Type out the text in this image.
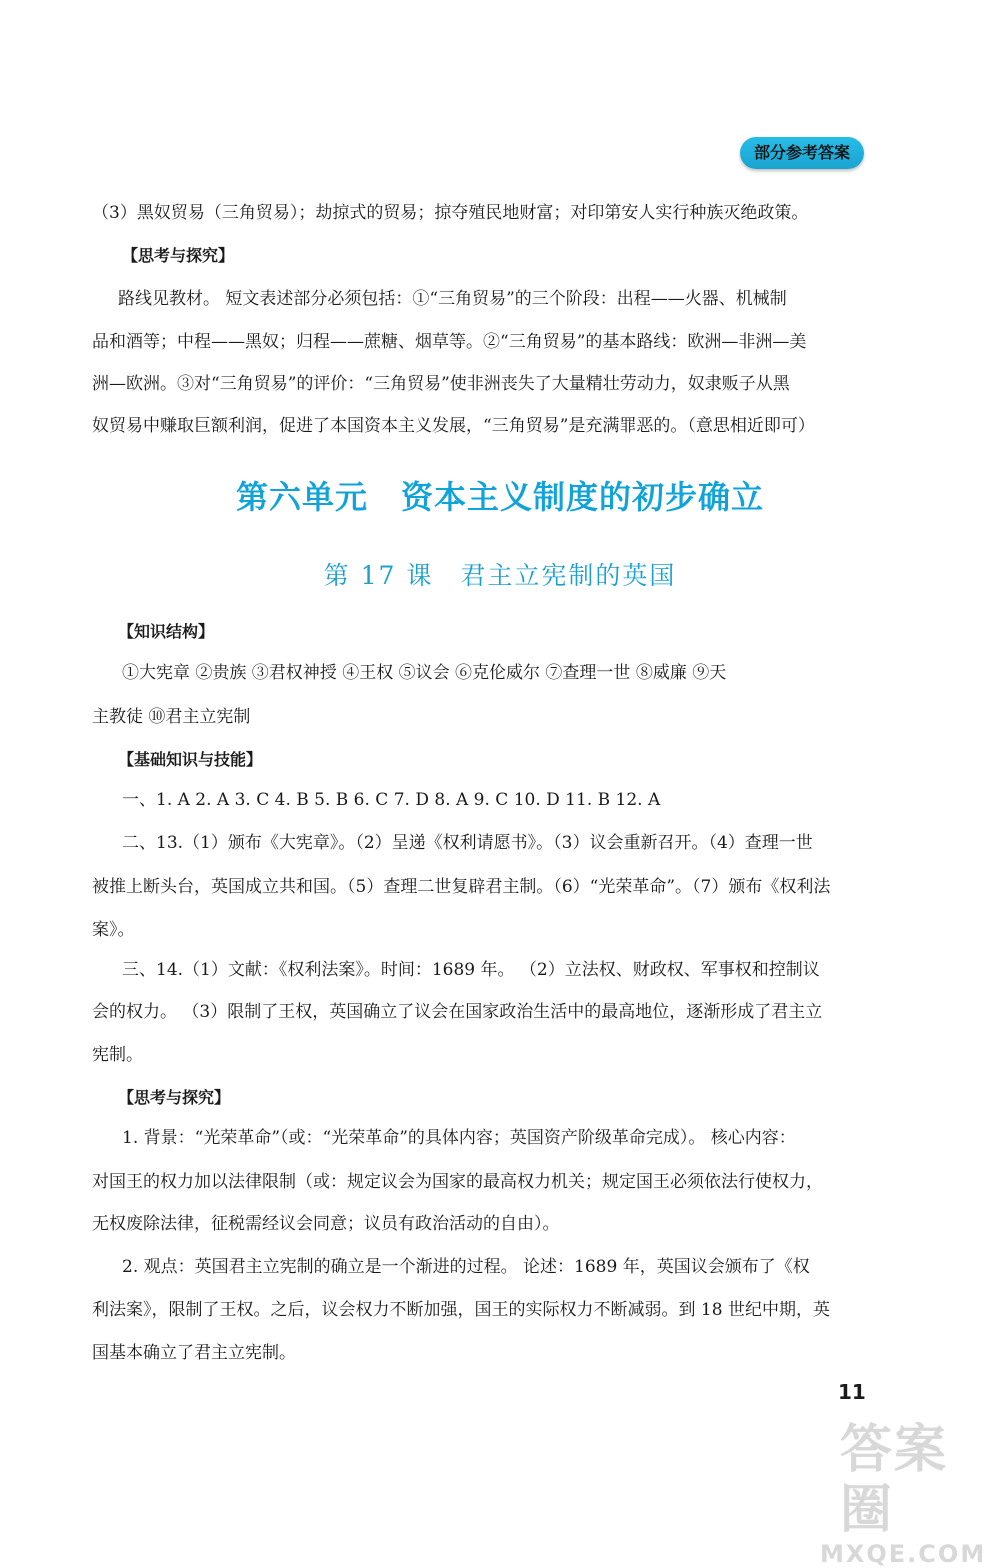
部分参考答案
（3）黑奴贸易（三角贸易）；劫掠式的贸易；掠夺殖民地财富；对印第安人实行种族灭绝政策。
【思考与探究】
路线见教材。 短文表述部分必须包括：①“三角贸易”的三个阶段：出程——火器、机械制
品和酒等；中程——黑奴；归程——蔗糖、烟草等。②“三角贸易”的基本路线：欧洲—非洲—美
洲—欧洲。③对“三角贸易”的评价：“三角贸易”使非洲丧失了大量精壮劳动力，奴隶贩子从黑
奴贸易中赚取巨额利润，促进了本国资本主义发展，“三角贸易”是充满罪恶的。（意思相近即可）
第六单元　资本主义制度的初步确立
第 17 课　君主立宪制的英国
【知识结构】
①大宪章 ②贵族 ③君权神授 ④王权 ⑤议会 ⑥克伦威尔 ⑦查理一世 ⑧威廉 ⑨天
主教徒 ⑩君主立宪制
【基础知识与技能】
一、1. A 2. A 3. C 4. B 5. B 6. C 7. D 8. A 9. C 10. D 11. B 12. A
二、13.（1）颁布《大宪章》。（2）呈递《权利请愿书》。（3）议会重新召开。（4）查理一世
被推上断头台，英国成立共和国。（5）查理二世复辟君主制。（6）“光荣革命”。（7）颁布《权利法
案》。
三、14.（1）文献：《权利法案》。时间：1689 年。 （2）立法权、财政权、军事权和控制议
会的权力。 （3）限制了王权，英国确立了议会在国家政治生活中的最高地位，逐渐形成了君主立
宪制。
【思考与探究】
1. 背景：“光荣革命”（或：“光荣革命”的具体内容；英国资产阶级革命完成）。 核心内容：
对国王的权力加以法律限制（或：规定议会为国家的最高权力机关；规定国王必须依法行使权力，
无权废除法律，征税需经议会同意；议员有政治活动的自由）。
2. 观点：英国君主立宪制的确立是一个渐进的过程。 论述：1689 年，英国议会颁布了《权
利法案》，限制了王权。之后，议会权力不断加强，国王的实际权力不断减弱。到 18 世纪中期，英
国基本确立了君主立宪制。
11
答案圈
MXQE.COM
